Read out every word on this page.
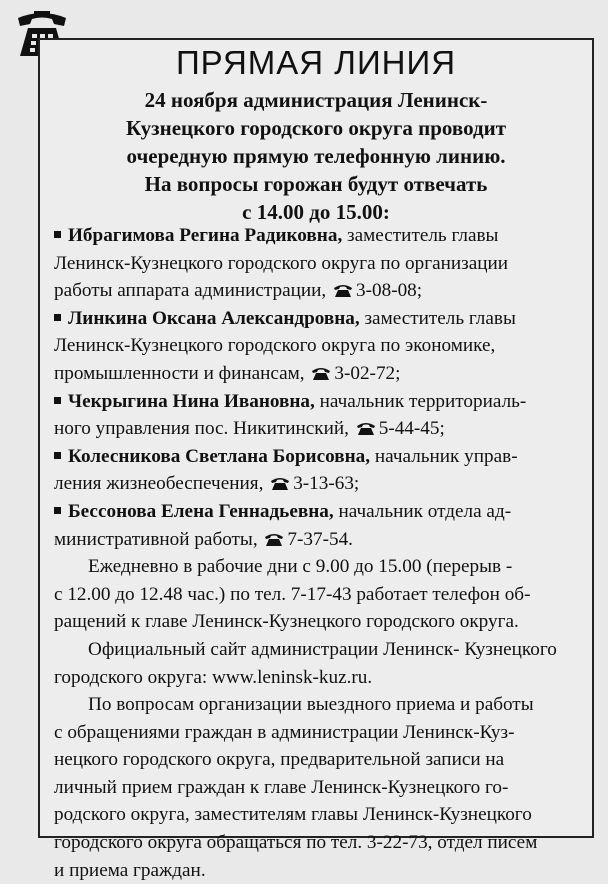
ПРЯМАЯ ЛИНИЯ
24 ноября администрация Ленинск-
Кузнецкого городского округа проводит
очередную прямую телефонную линию.
На вопросы горожан будут отвечать
с 14.00 до 15.00:
Ибрагимова Регина Радиковна, заместитель главы
Ленинск-Кузнецкого городского округа по организации
работы аппарата администрации, 3-08-08;
Линкина Оксана Александровна, заместитель главы
Ленинск-Кузнецкого городского округа по экономике,
промышленности и финансам, 3-02-72;
Чекрыгина Нина Ивановна, начальник территориаль-
ного управления пос. Никитинский, 5-44-45;
Колесникова Светлана Борисовна, начальник управ-
ления жизнеобеспечения, 3-13-63;
Бессонова Елена Геннадьевна, начальник отдела ад-
министративной работы, 7-37-54.
Ежедневно в рабочие дни с 9.00 до 15.00 (перерыв -
с 12.00 до 12.48 час.) по тел. 7-17-43 работает телефон об-
ращений к главе Ленинск-Кузнецкого городского округа.
Официальный сайт администрации Ленинск- Кузнецкого
городского округа: www.leninsk-kuz.ru.
По вопросам организации выездного приема и работы
с обращениями граждан в администрации Ленинск-Куз-
нецкого городского округа, предварительной записи на
личный прием граждан к главе Ленинск-Кузнецкого го-
родского округа, заместителям главы Ленинск-Кузнецкого
городского округа обращаться по тел. 3-22-73, отдел писем
и приема граждан.
